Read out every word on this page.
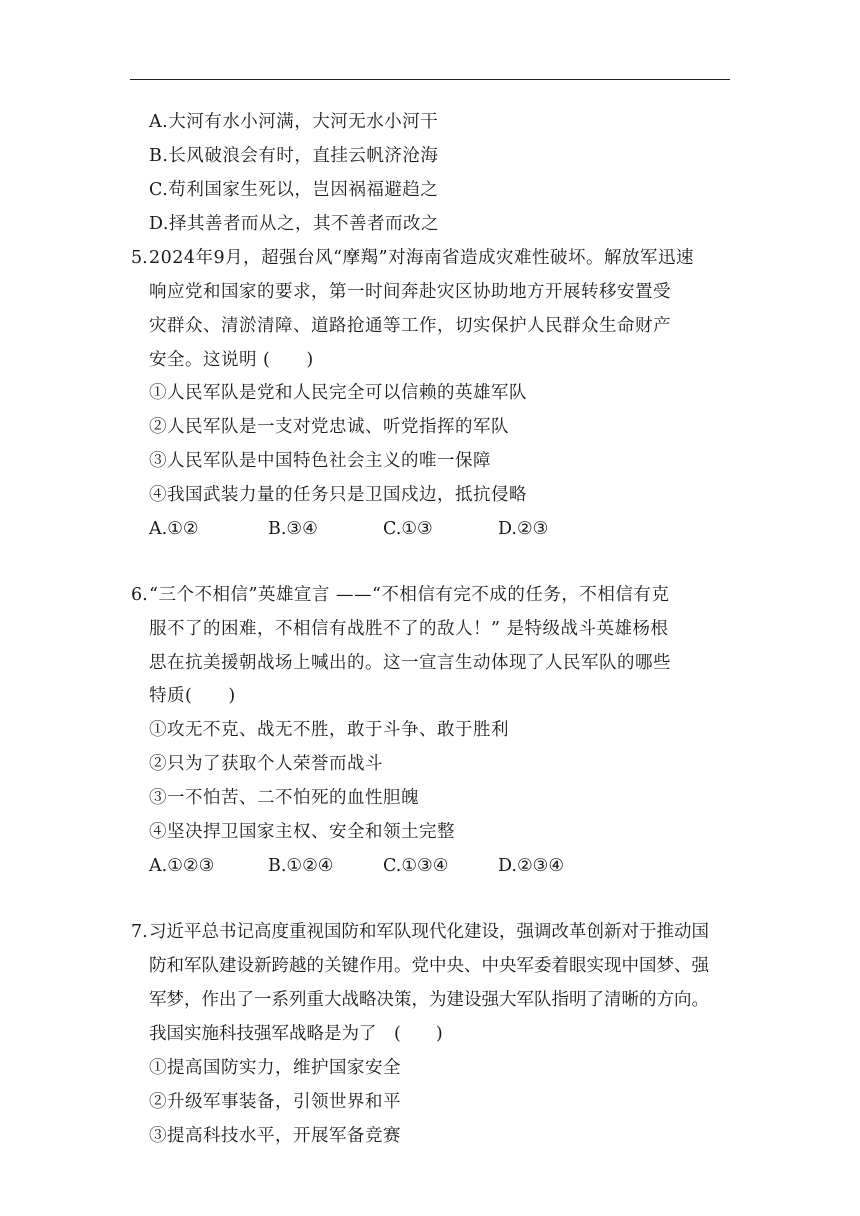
A.大河有水小河满，大河无水小河干
B.长风破浪会有时，直挂云帆济沧海
C.苟利国家生死以，岂因祸福避趋之
D.择其善者而从之，其不善者而改之
5. 2024年9月，超强台风“摩羯”对海南省造成灾难性破坏。解放军迅速
响应党和国家的要求，第一时间奔赴灾区协助地方开展转移安置受
灾群众、清淤清障、道路抢通等工作，切实保护人民群众生命财产
安全。这说明 (　　)
①人民军队是党和人民完全可以信赖的英雄军队
②人民军队是一支对党忠诚、听党指挥的军队
③人民军队是中国特色社会主义的唯一保障
④我国武装力量的任务只是卫国戍边，抵抗侵略
A.①②	B.③④	C.①③	D.②③
6. “三个不相信”英雄宣言 ——“不相信有完不成的任务，不相信有克
服不了的困难，不相信有战胜不了的敌人！” 是特级战斗英雄杨根
思在抗美援朝战场上喊出的。这一宣言生动体现了人民军队的哪些
特质(　　)
①攻无不克、战无不胜，敢于斗争、敢于胜利
②只为了获取个人荣誉而战斗
③一不怕苦、二不怕死的血性胆魄
④坚决捍卫国家主权、安全和领土完整
A.①②③	B.①②④	C.①③④	D.②③④
7. 习近平总书记高度重视国防和军队现代化建设，强调改革创新对于推动国
防和军队建设新跨越的关键作用。党中央、中央军委着眼实现中国梦、强
军梦，作出了一系列重大战略决策，为建设强大军队指明了清晰的方向。
我国实施科技强军战略是为了　(　　)
①提高国防实力，维护国家安全
②升级军事装备，引领世界和平
③提高科技水平，开展军备竞赛
